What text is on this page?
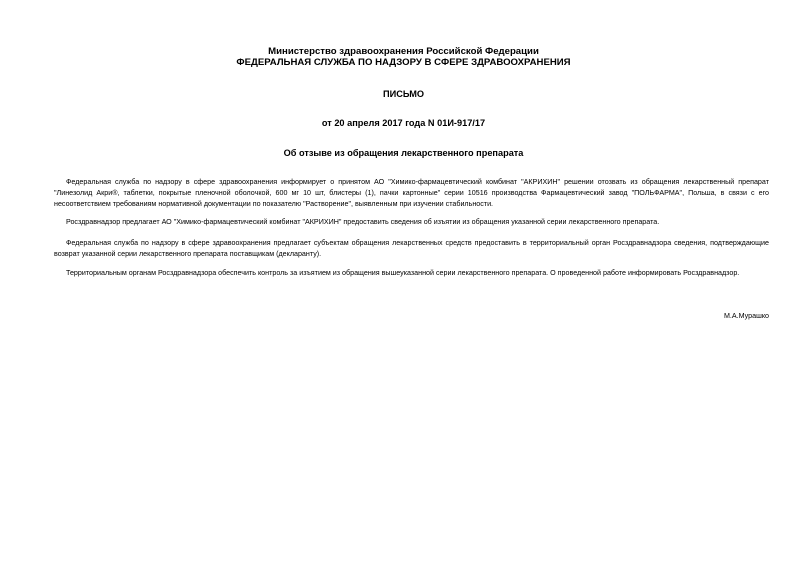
Министерство здравоохранения Российской Федерации
ФЕДЕРАЛЬНАЯ СЛУЖБА ПО НАДЗОРУ В СФЕРЕ ЗДРАВООХРАНЕНИЯ
ПИСЬМО
от 20 апреля 2017 года N 01И-917/17
Об отзыве из обращения лекарственного препарата

Федеральная служба по надзору в сфере здравоохранения информирует о принятом АО "Химико-фармацевтический комбинат "АКРИХИН" решении отозвать из обращения лекарственный препарат "Линезолид Акри®, таблетки, покрытые пленочной оболочкой, 600 мг 10 шт, блистеры (1), пачки картонные" серии 10516 производства Фармацевтический завод "ПОЛЬФАРМА", Польша, в связи с его несоответствием требованиям нормативной документации по показателю "Растворение", выявленным при изучении стабильности.

Росздравнадзор предлагает АО "Химико-фармацевтический комбинат "АКРИХИН" предоставить сведения об изъятии из обращения указанной серии лекарственного препарата.

Федеральная служба по надзору в сфере здравоохранения предлагает субъектам обращения лекарственных средств предоставить в территориальный орган Росздравнадзора сведения, подтверждающие возврат указанной серии лекарственного препарата поставщикам (декларанту).

Территориальным органам Росздравнадзора обеспечить контроль за изъятием из обращения вышеуказанной серии лекарственного препарата. О проведенной работе информировать Росздравнадзор.

М.А.Мурашко
